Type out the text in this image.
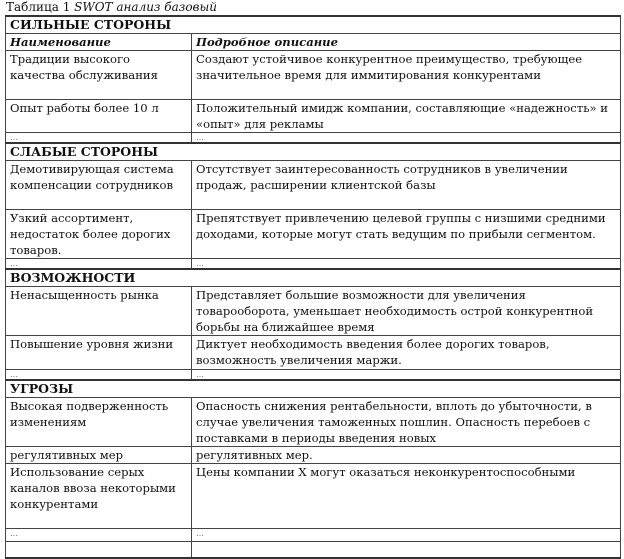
Таблица 1 SWOT анализ базовый
СИЛЬНЫЕ СТОРОНЫ	
Наименование	Подробное описание
Традиции высокого качества обслуживания	Создают устойчивое конкурентное преимущество, требующее значительное время для иммитирования конкурентами
Опыт работы более 10 л	Положительный имидж компании, составляющие «надежность» и «опыт» для рекламы
…	…
СЛАБЫЕ СТОРОНЫ	
Демотивирующая система компенсации сотрудников	Отсутствует заинтересованность сотрудников в увеличении продаж, расширении клиентской базы
Узкий ассортимент, недостаток более дорогих товаров.	Препятствует привлечению целевой группы с низшими средними доходами, которые могут стать ведущим по прибыли сегментом.
…	…
ВОЗМОЖНОСТИ	
Ненасыщенность рынка	Представляет большие возможности для увеличения товарооборота, уменьшает необходимость острой конкурентной борьбы на ближайшее время
Повышение уровня жизни	Диктует необходимость введения более дорогих товаров, возможность увеличения маржи.
…	…
УГРОЗЫ	
Высокая подверженность изменениям	Опасность снижения рентабельности, вплоть до убыточности, в случае увеличения таможенных пошлин. Опасность перебоев с поставками в периоды введения новых
регулятивных мер	регулятивных мер.
Использование серых каналов ввоза некоторыми конкурентами	Цены компании X могут оказаться неконкурентоспособными
…	…
